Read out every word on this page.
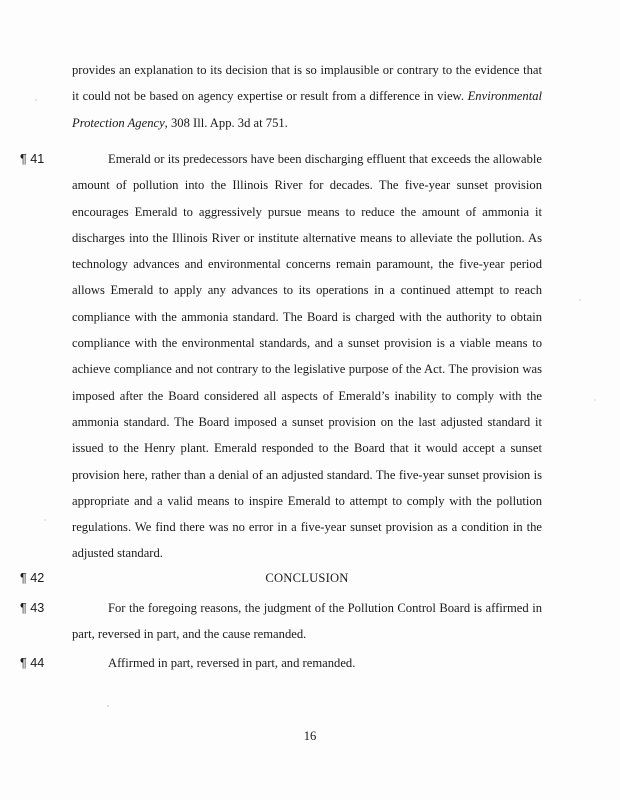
provides an explanation to its decision that is so implausible or contrary to the evidence that it could not be based on agency expertise or result from a difference in view. Environmental Protection Agency, 308 Ill. App. 3d at 751.

¶ 41	Emerald or its predecessors have been discharging effluent that exceeds the allowable amount of pollution into the Illinois River for decades. The five-year sunset provision encourages Emerald to aggressively pursue means to reduce the amount of ammonia it discharges into the Illinois River or institute alternative means to alleviate the pollution. As technology advances and environmental concerns remain paramount, the five-year period allows Emerald to apply any advances to its operations in a continued attempt to reach compliance with the ammonia standard. The Board is charged with the authority to obtain compliance with the environmental standards, and a sunset provision is a viable means to achieve compliance and not contrary to the legislative purpose of the Act. The provision was imposed after the Board considered all aspects of Emerald’s inability to comply with the ammonia standard. The Board imposed a sunset provision on the last adjusted standard it issued to the Henry plant. Emerald responded to the Board that it would accept a sunset provision here, rather than a denial of an adjusted standard. The five-year sunset provision is appropriate and a valid means to inspire Emerald to attempt to comply with the pollution regulations. We find there was no error in a five-year sunset provision as a condition in the adjusted standard.

¶ 42	CONCLUSION
¶ 43	For the foregoing reasons, the judgment of the Pollution Control Board is affirmed in part, reversed in part, and the cause remanded.

¶ 44	Affirmed in part, reversed in part, and remanded.

16
